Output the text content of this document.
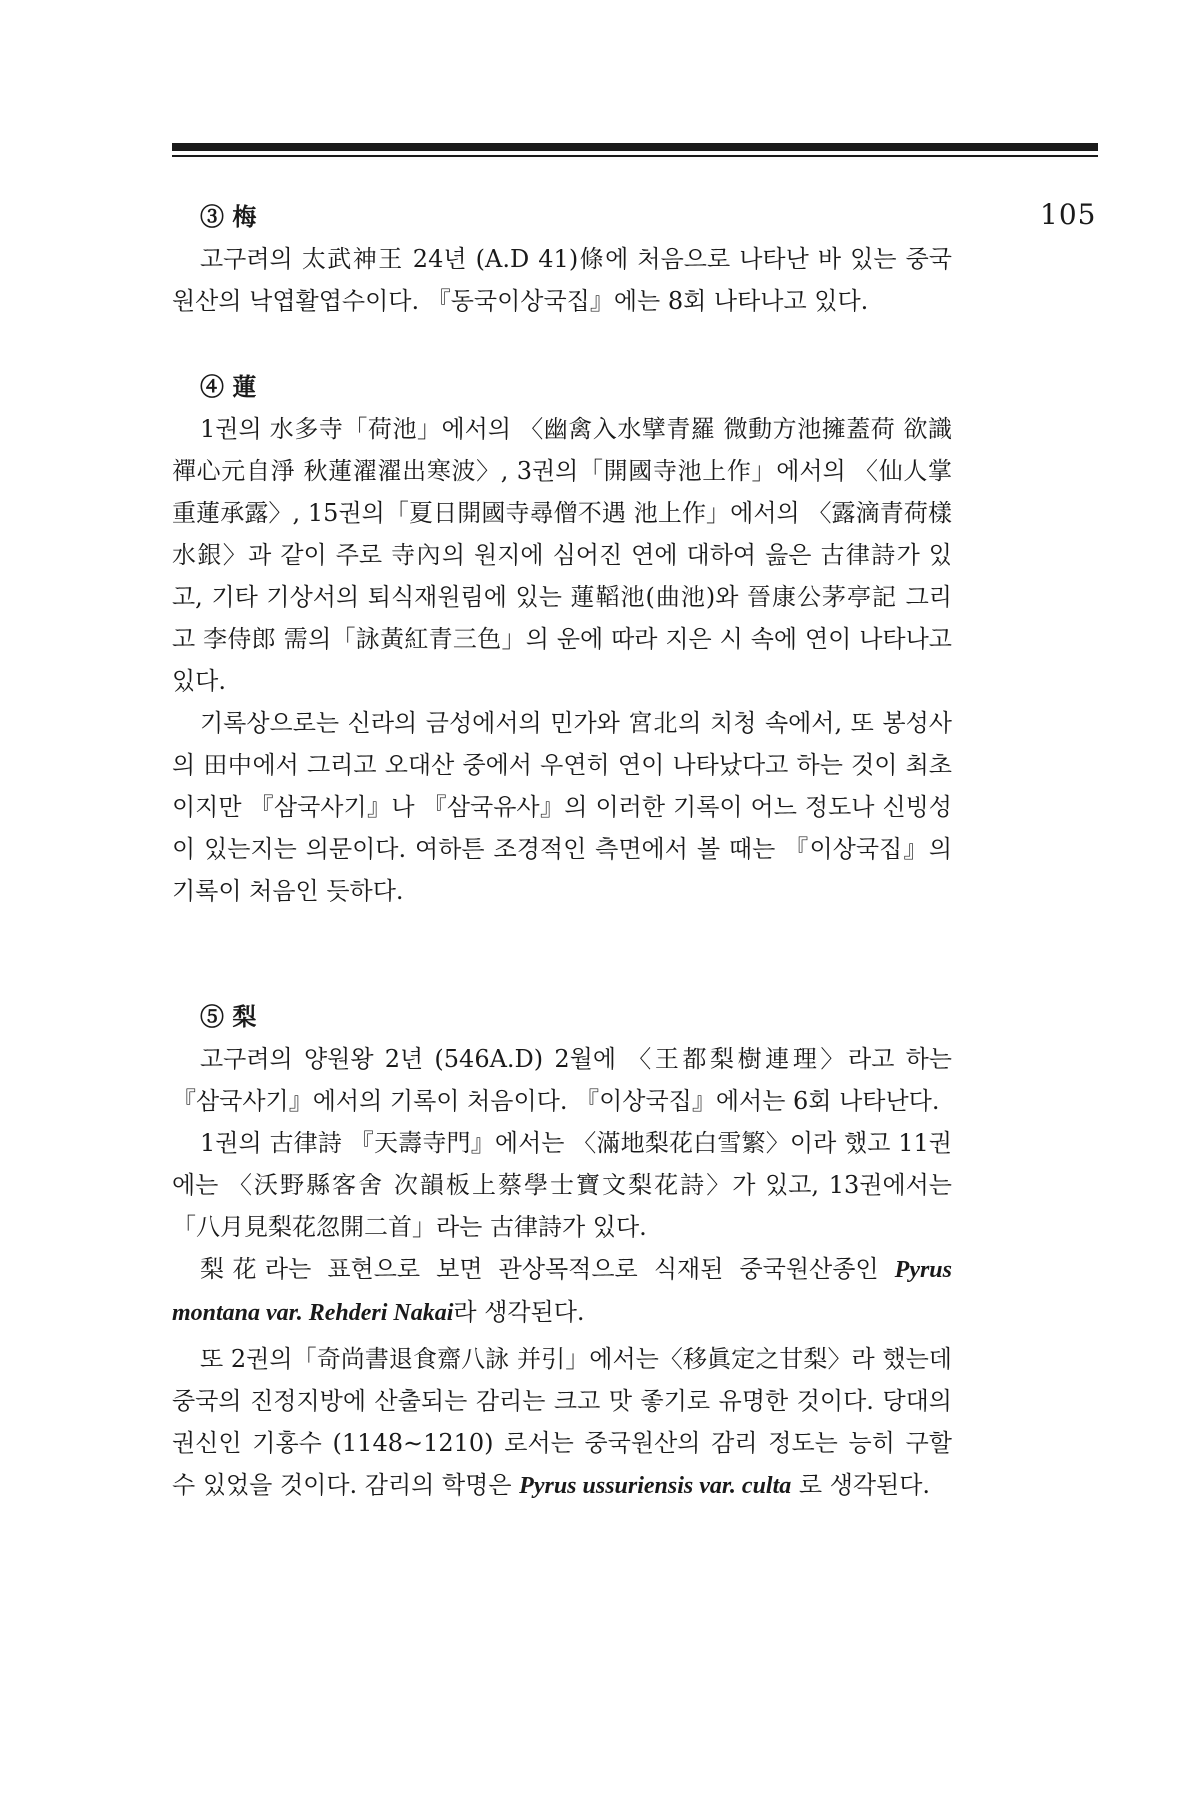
105
③ 梅

고구려의 太武神王 24년 (A.D 41)條에 처음으로 나타난 바 있는 중국원산의 낙엽활엽수이다. 『동국이상국집』에는 8회 나타나고 있다.

④ 蓮

1권의 水多寺「荷池」에서의 〈幽禽入水擘青羅 微動方池擁蓋荷 欲識禪心元自淨 秋蓮濯濯出寒波〉, 3권의「開國寺池上作」에서의 〈仙人掌重蓮承露〉, 15권의「夏日開國寺尋僧不遇 池上作」에서의 〈露滴青荷樣水銀〉과 같이 주로 寺內의 원지에 심어진 연에 대하여 읊은 古律詩가 있고, 기타 기상서의 퇴식재원림에 있는 蓮鞱池(曲池)와 晉康公茅亭記 그리고 李侍郎 需의「詠黃紅青三色」의 운에 따라 지은 시 속에 연이 나타나고 있다.

기록상으로는 신라의 금성에서의 민가와 宮北의 치청 속에서, 또 봉성사의 田中에서 그리고 오대산 중에서 우연히 연이 나타났다고 하는 것이 최초이지만 『삼국사기』나 『삼국유사』의 이러한 기록이 어느 정도나 신빙성이 있는지는 의문이다. 여하튼 조경적인 측면에서 볼 때는 『이상국집』의 기록이 처음인 듯하다.

⑤ 梨

고구려의 양원왕 2년 (546A.D) 2월에 〈王都梨樹連理〉라고 하는 『삼국사기』에서의 기록이 처음이다. 『이상국집』에서는 6회 나타난다.

1권의 古律詩 『天壽寺門』에서는 〈滿地梨花白雪繁〉이라 했고 11권에는 〈沃野縣客舍 次韻板上蔡學士寶文梨花詩〉가 있고, 13권에서는「八月見梨花忽開二首」라는 古律詩가 있다.

梨花라는 표현으로 보면 관상목적으로 식재된 중국원산종인 Pyrus montana var. Rehderi Nakai라 생각된다.

또 2권의「奇尚書退食齋八詠 并引」에서는〈移眞定之甘梨〉라 했는데 중국의 진정지방에 산출되는 감리는 크고 맛 좋기로 유명한 것이다. 당대의 권신인 기홍수 (1148∼1210) 로서는 중국원산의 감리 정도는 능히 구할 수 있었을 것이다. 감리의 학명은 Pyrus ussuriensis var. culta 로 생각된다.
